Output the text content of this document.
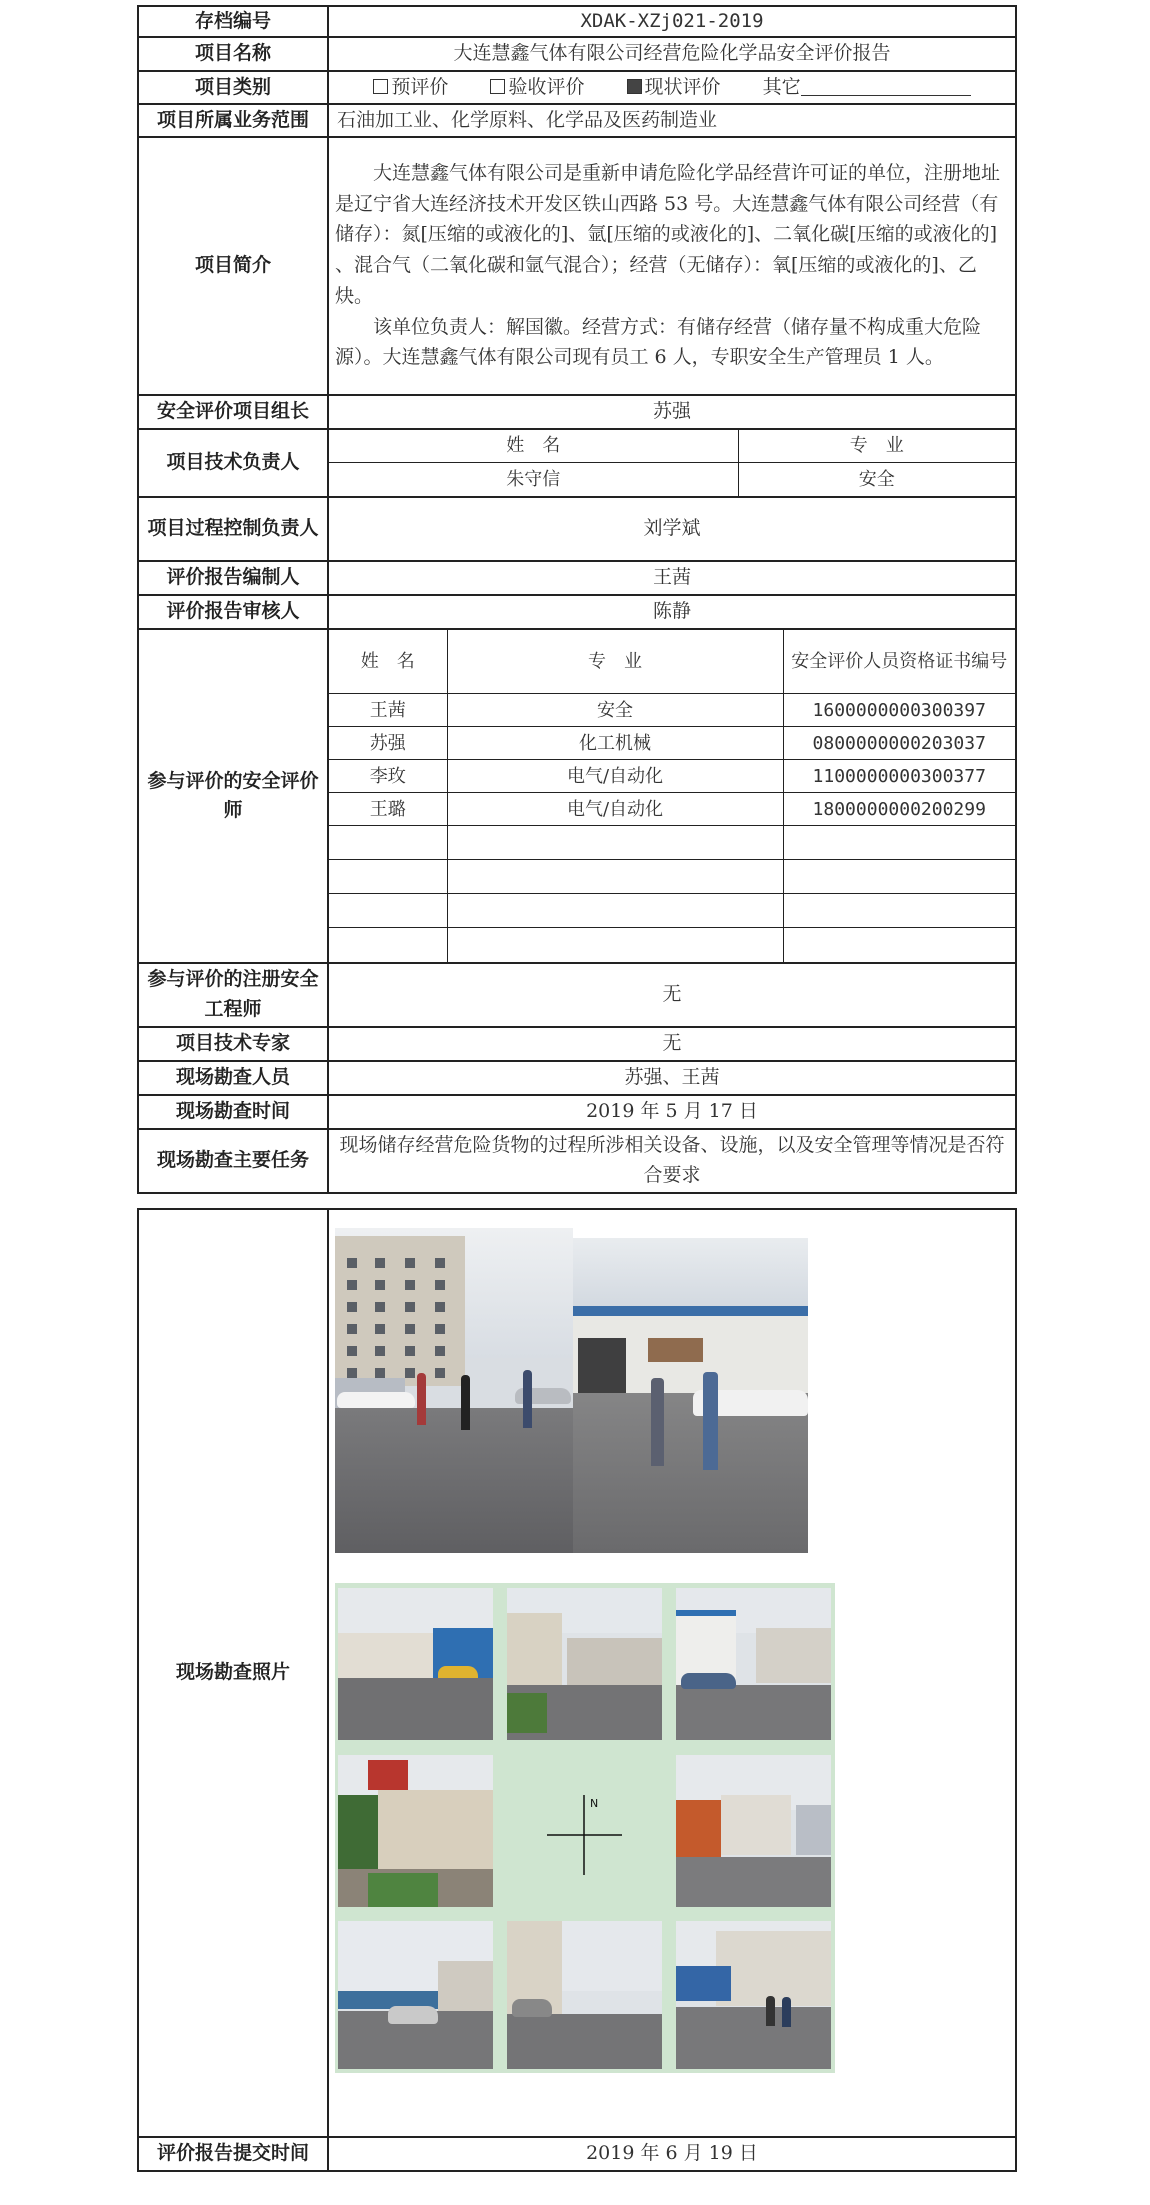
存档编号	XDAK-XZj021-2019
项目名称	大连慧鑫气体有限公司经营危险化学品安全评价报告
项目类别	预评价	验收评价	现状评价 其它
项目所属业务范围	石油加工业、化学原料、化学品及医药制造业
项目简介	

大连慧鑫气体有限公司是重新申请危险化学品经营许可证的单位，注册地址是辽宁省大连经济技术开发区铁山西路 53 号。大连慧鑫气体有限公司经营（有储存）：氮[压缩的或液化的]、氩[压缩的或液化的]、二氧化碳[压缩的或液化的] 、混合气（二氧化碳和氩气混合）；经营（无储存）：氧[压缩的或液化的]、乙炔。

该单位负责人：解国徽。经营方式：有储存经营（储存量不构成重大危险源）。大连慧鑫气体有限公司现有员工 6 人，专职安全生产管理员 1 人。

安全评价项目组长	苏强
项目技术负责人	
姓　名	专　业
朱守信	安全

项目过程控制负责人	刘学斌
评价报告编制人	王茜
评价报告审核人	陈静
参与评价的安全评价师	
姓　名	专　业	安全评价人员资格证书编号
王茜	安全	1600000000300397
苏强	化工机械	0800000000203037
李玫	电气/自动化	1100000000300377
王璐	电气/自动化	1800000000200299

参与评价的注册安全工程师	无
项目技术专家	无
现场勘查人员	苏强、王茜
现场勘查时间	2019 年 5 月 17 日
现场勘查主要任务	现场储存经营危险货物的过程所涉相关设备、设施，以及安全管理等情况是否符合要求
现场勘查照片	N

评价报告提交时间	2019 年 6 月 19 日
